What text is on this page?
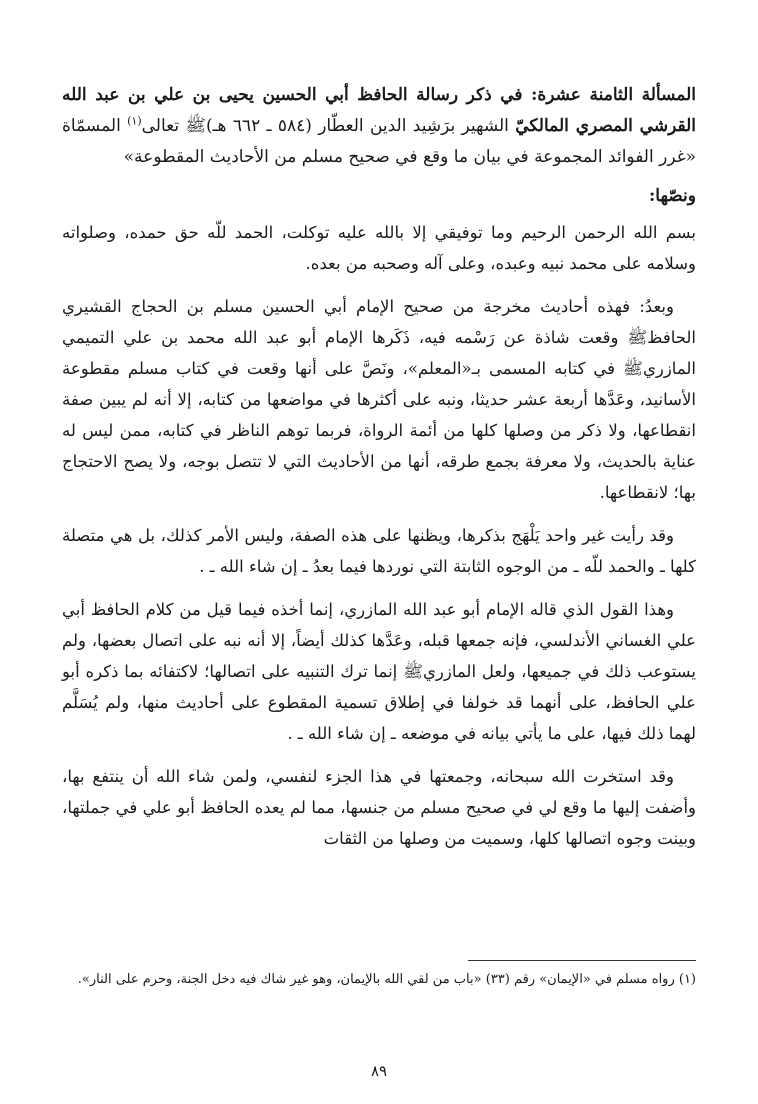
المسألة الثامنة عشرة: في ذكر رسالة الحافظ أبي الحسين يحيى بن علي بن عبد الله القرشي المصري المالكيّ الشهير برَشِيد الدين العطّار (٥٨٤ ـ ٦٦٢ هـ)ﷺ تعالى$^{(١)}$ المسمّاة «غرر الفوائد المجموعة في بيان ما وقع في صحيح مسلم من الأحاديث المقطوعة»

ونصّها:

بسم الله الرحمن الرحيم وما توفيقي إلا بالله عليه توكلت، الحمد للّه حق حمده، وصلواته وسلامه على محمد نبيه وعبده، وعلى آله وصحبه من بعده.

وبعدُ: فهذه أحاديث مخرجة من صحيح الإمام أبي الحسين مسلم بن الحجاج القشيري الحافظﷺ وقعت شاذة عن رَسْمه فيه، ذَكَرها الإمام أبو عبد الله محمد بن علي التميمي المازريﷺ في كتابه المسمى بـ«المعلم»، ونَصَّ على أنها وقعت في كتاب مسلم مقطوعة الأسانيد، وعَدَّها أربعة عشر حديثا، ونبه على أكثرها في مواضعها من كتابه، إلا أنه لم يبين صفة انقطاعها، ولا ذكر من وصلها كلها من أئمة الرواة، فربما توهم الناظر في كتابه، ممن ليس له عناية بالحديث، ولا معرفة بجمع طرقه، أنها من الأحاديث التي لا تتصل بوجه، ولا يصح الاحتجاج بها؛ لانقطاعها.

وقد رأيت غير واحد يَلْهَج بذكرها، ويظنها على هذه الصفة، وليس الأمر كذلك، بل هي متصلة كلها ـ والحمد للّه ـ من الوجوه الثابتة التي نوردها فيما بعدُ ـ إن شاء الله ـ .

وهذا القول الذي قاله الإمام أبو عبد الله المازري، إنما أخذه فيما قيل من كلام الحافظ أبي علي الغساني الأندلسي، فإنه جمعها قبله، وعَدَّها كذلك أيضاً، إلا أنه نبه على اتصال بعضها، ولم يستوعب ذلك في جميعها، ولعل المازريﷺ إنما ترك التنبيه على اتصالها؛ لاكتفائه بما ذكره أبو علي الحافظ، على أنهما قد خولفا في إطلاق تسمية المقطوع على أحاديث منها، ولم يُسَلَّم لهما ذلك فيها، على ما يأتي بيانه في موضعه ـ إن شاء الله ـ .

وقد استخرت الله سبحانه، وجمعتها في هذا الجزء لنفسي، ولمن شاء الله أن ينتفع بها، وأضفت إليها ما وقع لي في صحيح مسلم من جنسها، مما لم يعده الحافظ أبو علي في جملتها، وبينت وجوه اتصالها كلها، وسميت من وصلها من الثقات

(١) رواه مسلم في «الإيمان» رقم (٣٣) «باب من لقي الله بالإيمان، وهو غير شاك فيه دخل الجنة، وحرم على النار».

٨٩
